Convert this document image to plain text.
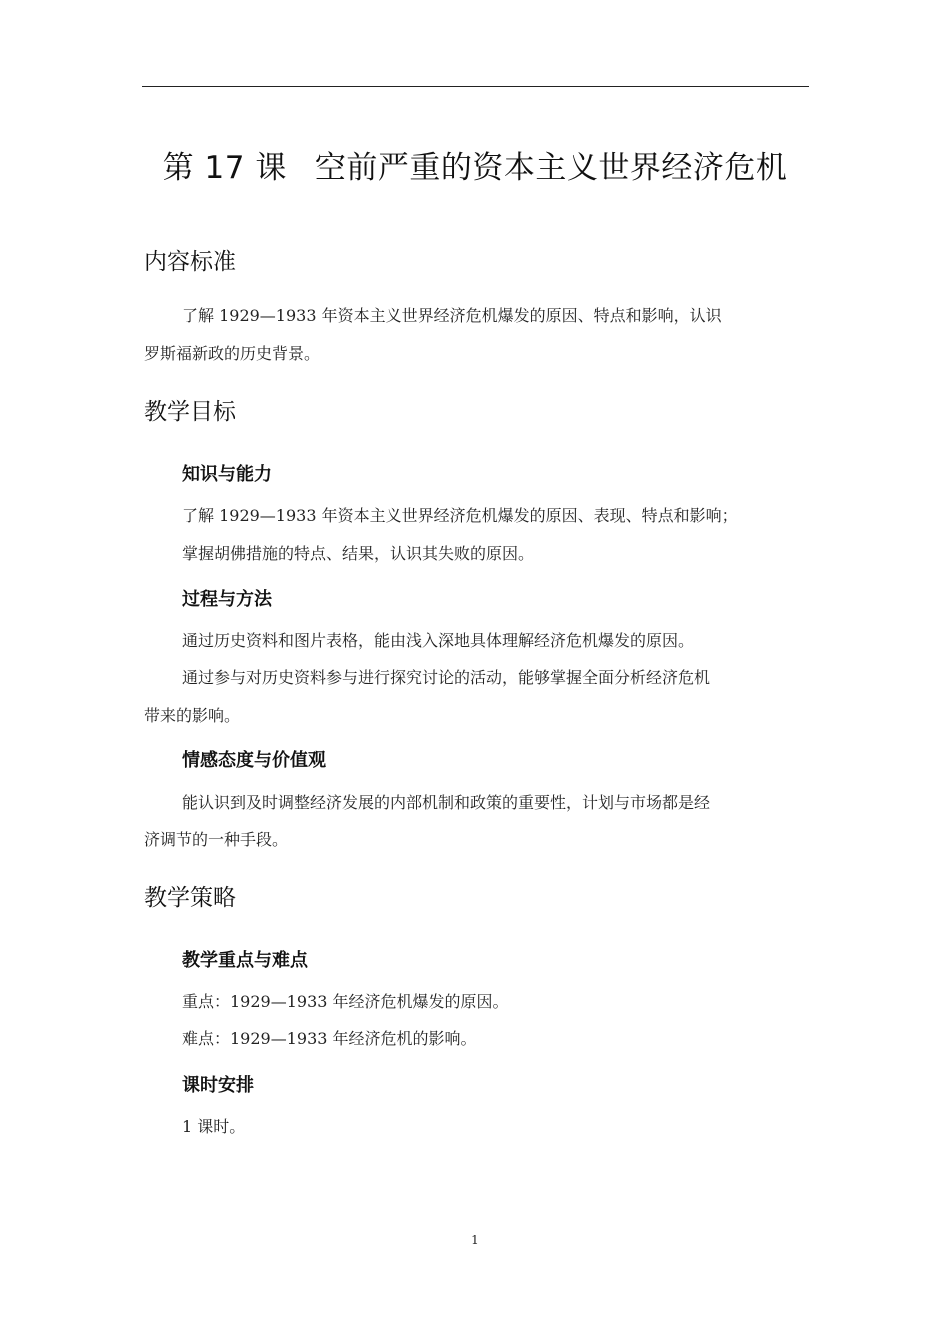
第 17 课 空前严重的资本主义世界经济危机
内容标准
了解 1929—1933 年资本主义世界经济危机爆发的原因、特点和影响，认识
罗斯福新政的历史背景。
教学目标
知识与能力
了解 1929—1933 年资本主义世界经济危机爆发的原因、表现、特点和影响；
掌握胡佛措施的特点、结果，认识其失败的原因。
过程与方法
通过历史资料和图片表格，能由浅入深地具体理解经济危机爆发的原因。
通过参与对历史资料参与进行探究讨论的活动，能够掌握全面分析经济危机
带来的影响。
情感态度与价值观
能认识到及时调整经济发展的内部机制和政策的重要性，计划与市场都是经
济调节的一种手段。
教学策略
教学重点与难点
重点：1929—1933 年经济危机爆发的原因。
难点：1929—1933 年经济危机的影响。
课时安排
1 课时。
1
